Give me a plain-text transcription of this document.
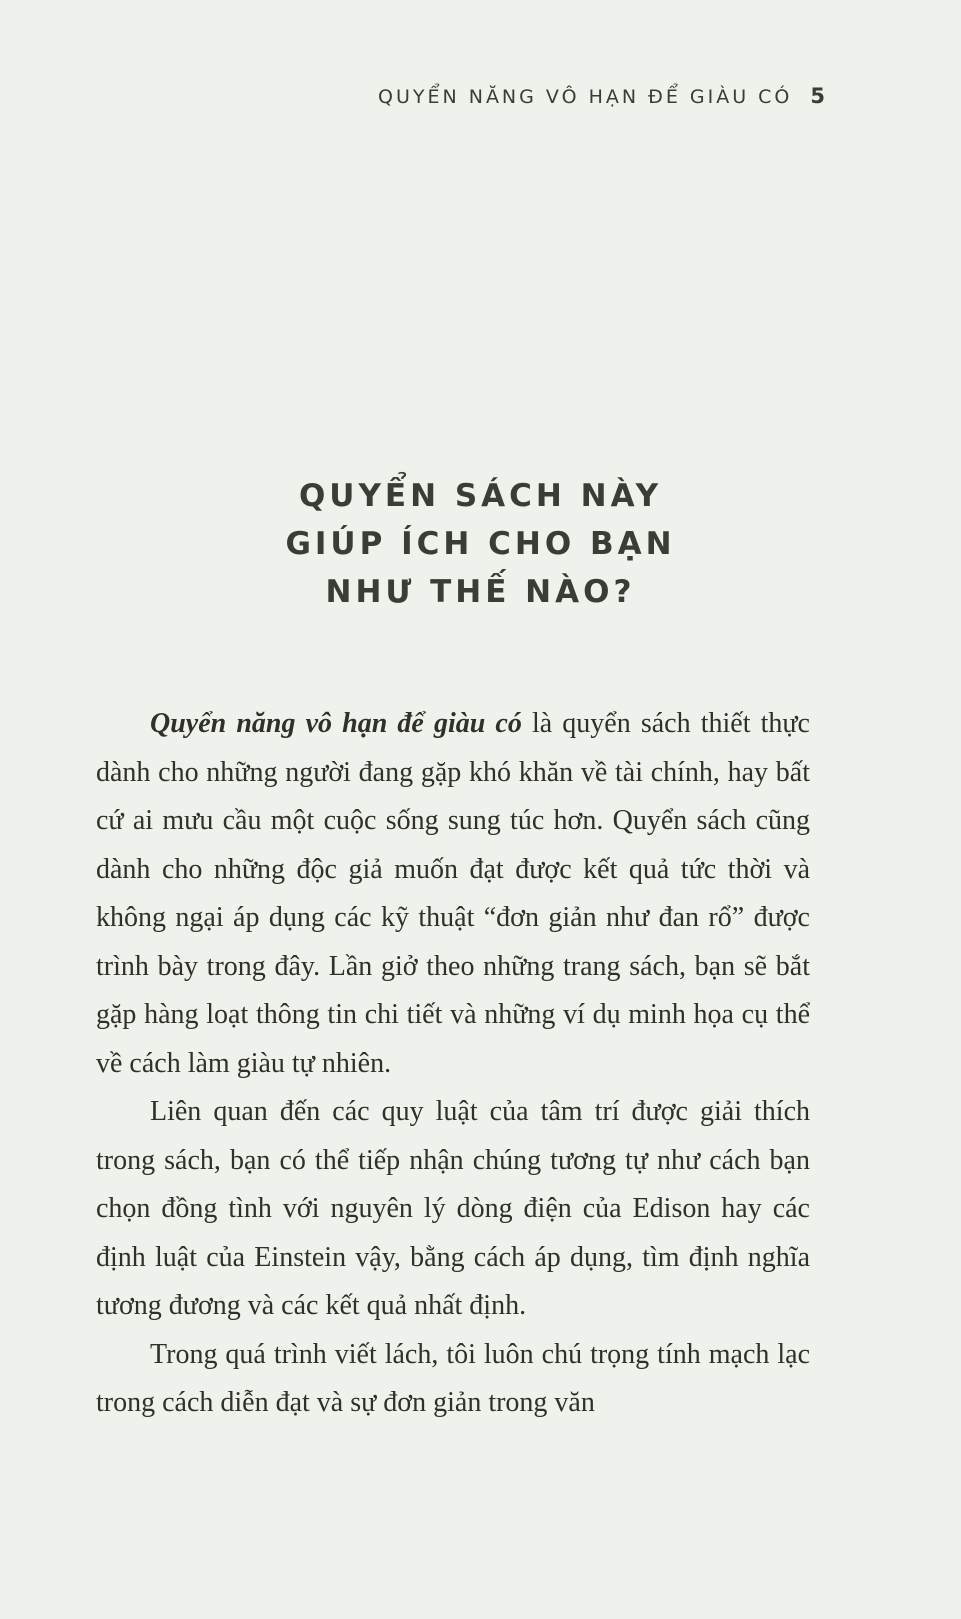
QUYỂN NĂNG VÔ HẠN ĐỂ GIÀU CÓ 5
QUYỂN SÁCH NÀY
GIÚP ÍCH CHO BẠN
NHƯ THẾ NÀO?

Quyển năng vô hạn để giàu có là quyển sách thiết thực dành cho những người đang gặp khó khăn về tài chính, hay bất cứ ai mưu cầu một cuộc sống sung túc hơn. Quyển sách cũng dành cho những độc giả muốn đạt được kết quả tức thời và không ngại áp dụng các kỹ thuật “đơn giản như đan rổ” được trình bày trong đây. Lần giở theo những trang sách, bạn sẽ bắt gặp hàng loạt thông tin chi tiết và những ví dụ minh họa cụ thể về cách làm giàu tự nhiên.

Liên quan đến các quy luật của tâm trí được giải thích trong sách, bạn có thể tiếp nhận chúng tương tự như cách bạn chọn đồng tình với nguyên lý dòng điện của Edison hay các định luật của Einstein vậy, bằng cách áp dụng, tìm định nghĩa tương đương và các kết quả nhất định.

Trong quá trình viết lách, tôi luôn chú trọng tính mạch lạc trong cách diễn đạt và sự đơn giản trong văn
